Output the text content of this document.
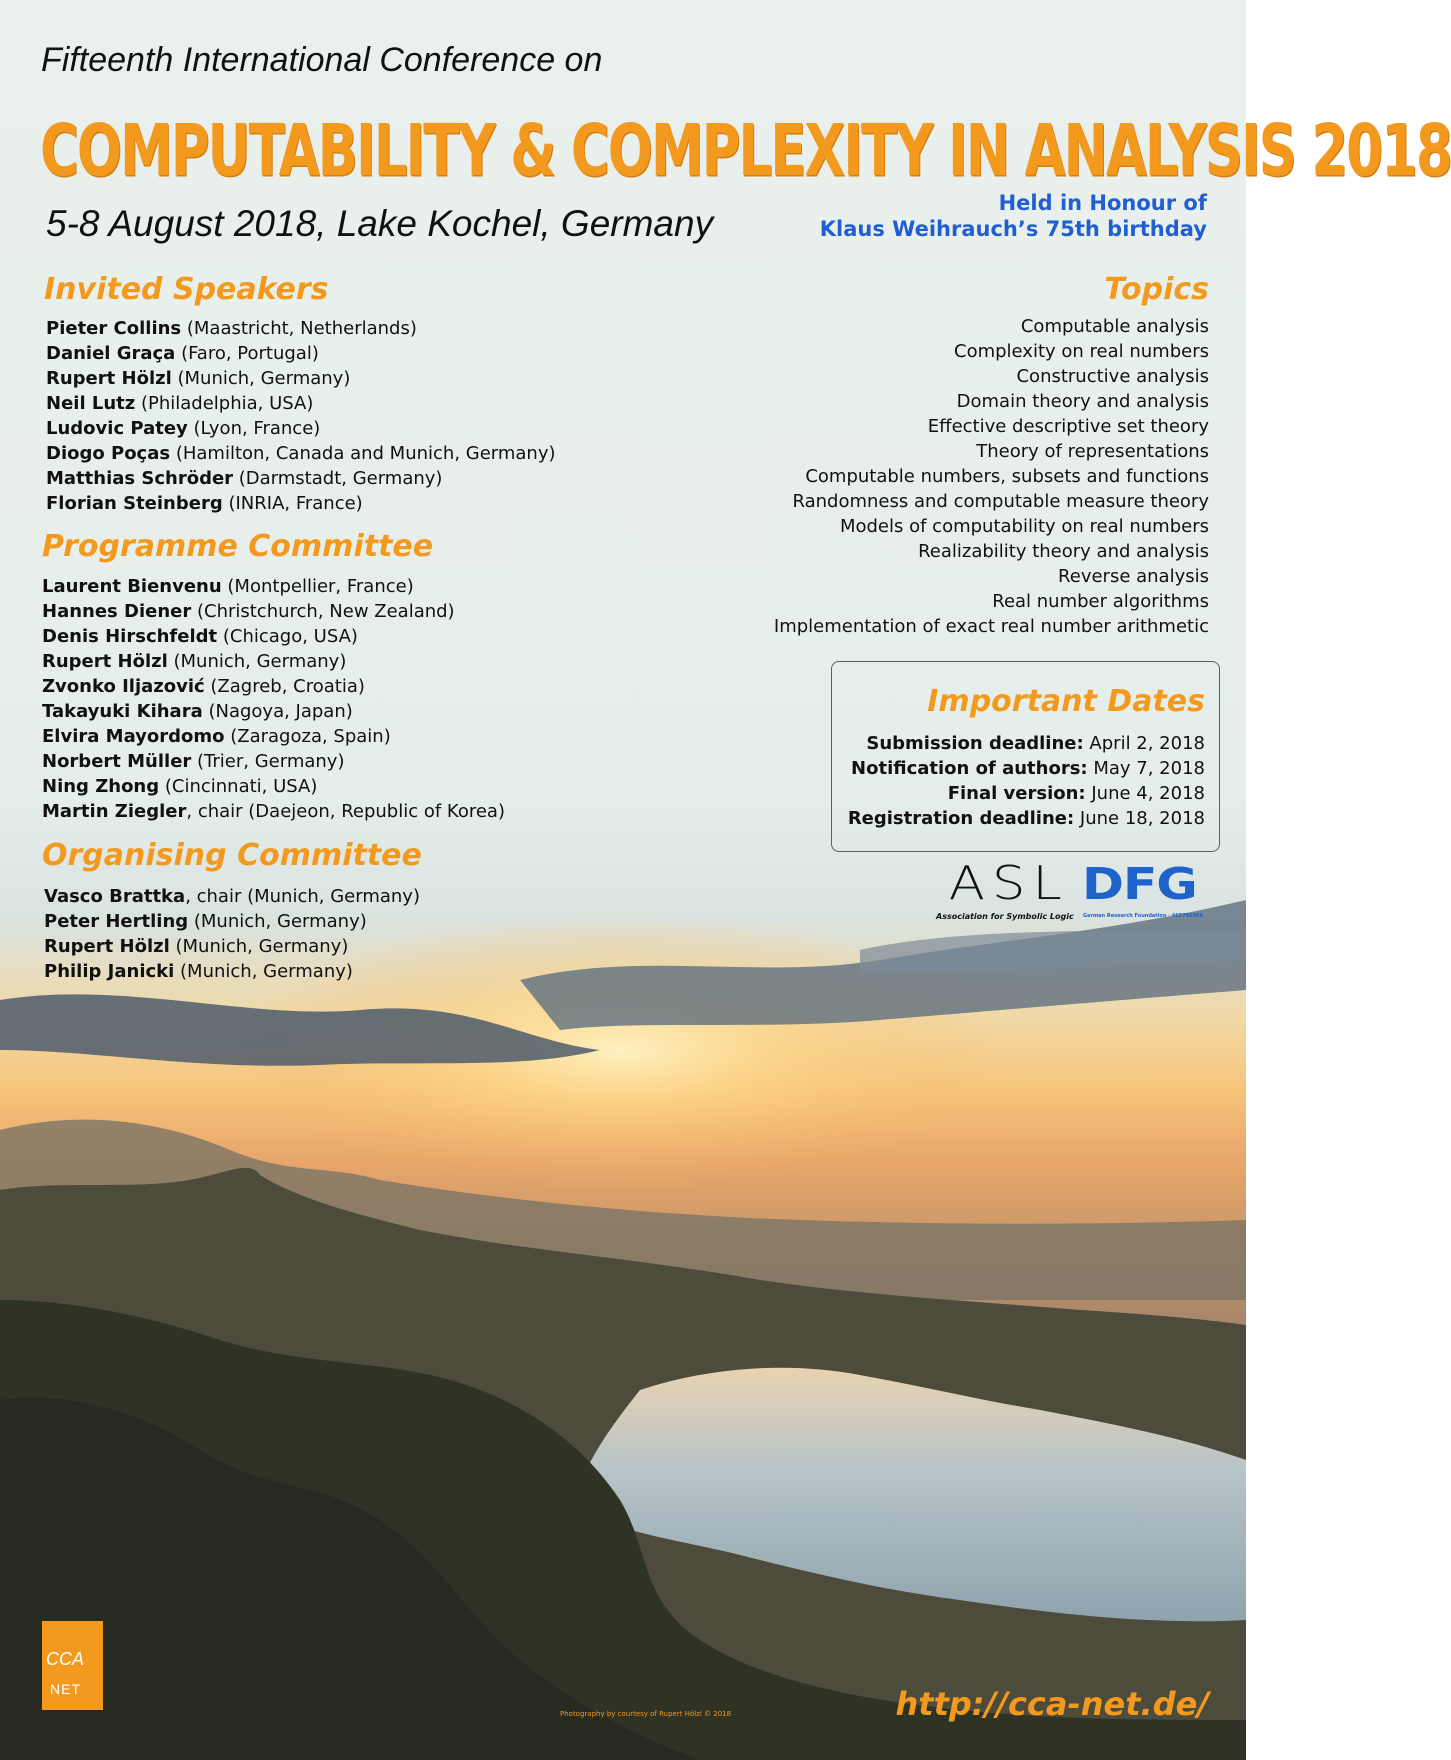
Fifteenth International Conference on
COMPUTABILITY & COMPLEXITY IN ANALYSIS 2018
5-8 August 2018, Lake Kochel, Germany	Held in Honour of
Klaus Weihrauch’s 75th birthday
Invited Speakers
Pieter Collins (Maastricht, Netherlands)
Daniel Graça (Faro, Portugal)
Rupert Hölzl (Munich, Germany)
Neil Lutz (Philadelphia, USA)
Ludovic Patey (Lyon, France)
Diogo Poças (Hamilton, Canada and Munich, Germany)
Matthias Schröder (Darmstadt, Germany)
Florian Steinberg (INRIA, France)
Programme Committee
Laurent Bienvenu (Montpellier, France)
Hannes Diener (Christchurch, New Zealand)
Denis Hirschfeldt (Chicago, USA)
Rupert Hölzl (Munich, Germany)
Zvonko Iljazović (Zagreb, Croatia)
Takayuki Kihara (Nagoya, Japan)
Elvira Mayordomo (Zaragoza, Spain)
Norbert Müller (Trier, Germany)
Ning Zhong (Cincinnati, USA)
Martin Ziegler, chair (Daejeon, Republic of Korea)
Organising Committee
Vasco Brattka, chair (Munich, Germany)
Peter Hertling (Munich, Germany)
Rupert Hölzl (Munich, Germany)
Philip Janicki (Munich, Germany)
Topics
Computable analysis
Complexity on real numbers
Constructive analysis
Domain theory and analysis
Effective descriptive set theory
Theory of representations
Computable numbers, subsets and functions
Randomness and computable measure theory
Models of computability on real numbers
Realizability theory and analysis
Reverse analysis
Real number algorithms
Implementation of exact real number arithmetic
Important Dates
Submission deadline: April 2, 2018
Notification of authors: May 7, 2018
Final version: June 4, 2018
Registration deadline: June 18, 2018
ASL
Association for Symbolic Logic
DFG
German Research Foundation · 465795966
CCA
NET
Photography by courtesy of Rupert Hölzl © 2018	http://cca-net.de/
